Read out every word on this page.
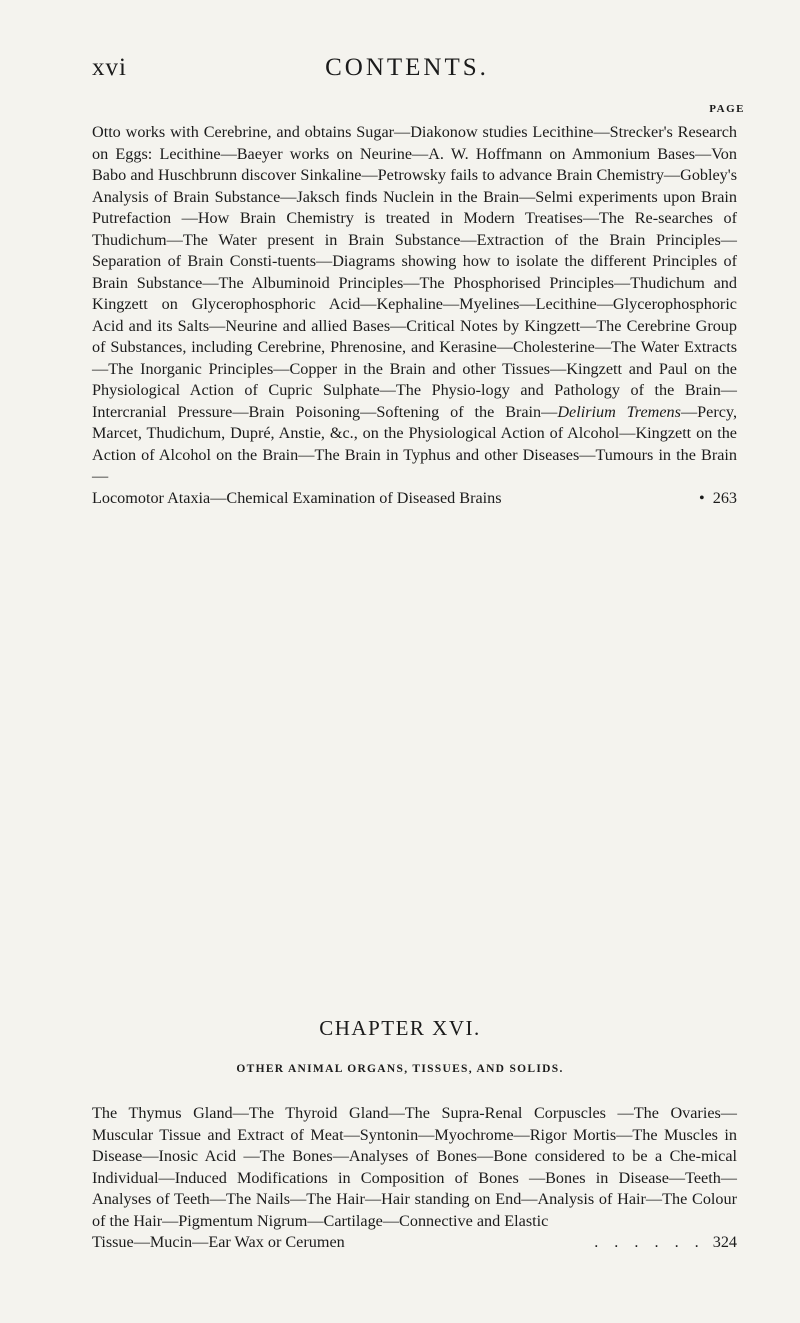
xvi	CONTENTS.
PAGE
Otto works with Cerebrine, and obtains Sugar—Diakonow studies Lecithine—Strecker's Research on Eggs: Lecithine—Baeyer works on Neurine—A. W. Hoffmann on Ammonium Bases—Von Babo and Huschbrunn discover Sinkaline—Petrowsky fails to advance Brain Chemistry—Gobley's Analysis of Brain Substance—Jaksch finds Nuclein in the Brain—Selmi experiments upon Brain Putrefaction —How Brain Chemistry is treated in Modern Treatises—The Re-searches of Thudichum—The Water present in Brain Substance—Extraction of the Brain Principles—Separation of Brain Consti-tuents—Diagrams showing how to isolate the different Principles of Brain Substance—The Albuminoid Principles—The Phosphorised Principles—Thudichum and Kingzett on Glycerophosphoric Acid—Kephaline—Myelines—Lecithine—Glycerophosphoric Acid and its Salts—Neurine and allied Bases—Critical Notes by Kingzett—The Cerebrine Group of Substances, including Cerebrine, Phrenosine, and Kerasine—Cholesterine—The Water Extracts—The Inorganic Principles—Copper in the Brain and other Tissues—Kingzett and Paul on the Physiological Action of Cupric Sulphate—The Physio-logy and Pathology of the Brain—Intercranial Pressure—Brain Poisoning—Softening of the Brain—Delirium Tremens—Percy, Marcet, Thudichum, Dupré, Anstie, &c., on the Physiological Action of Alcohol—Kingzett on the Action of Alcohol on the Brain—The Brain in Typhus and other Diseases—Tumours in the Brain—
Locomotor Ataxia—Chemical Examination of Diseased Brains	• 263
CHAPTER XVI.
OTHER ANIMAL ORGANS, TISSUES, AND SOLIDS.
The Thymus Gland—The Thyroid Gland—The Supra-Renal Corpuscles —The Ovaries—Muscular Tissue and Extract of Meat—Syntonin—Myochrome—Rigor Mortis—The Muscles in Disease—Inosic Acid —The Bones—Analyses of Bones—Bone considered to be a Che-mical Individual—Induced Modifications in Composition of Bones —Bones in Disease—Teeth—Analyses of Teeth—The Nails—The Hair—Hair standing on End—Analysis of Hair—The Colour of the Hair—Pigmentum Nigrum—Cartilage—Connective and Elastic
Tissue—Mucin—Ear Wax or Cerumen	. . . . . . 324
